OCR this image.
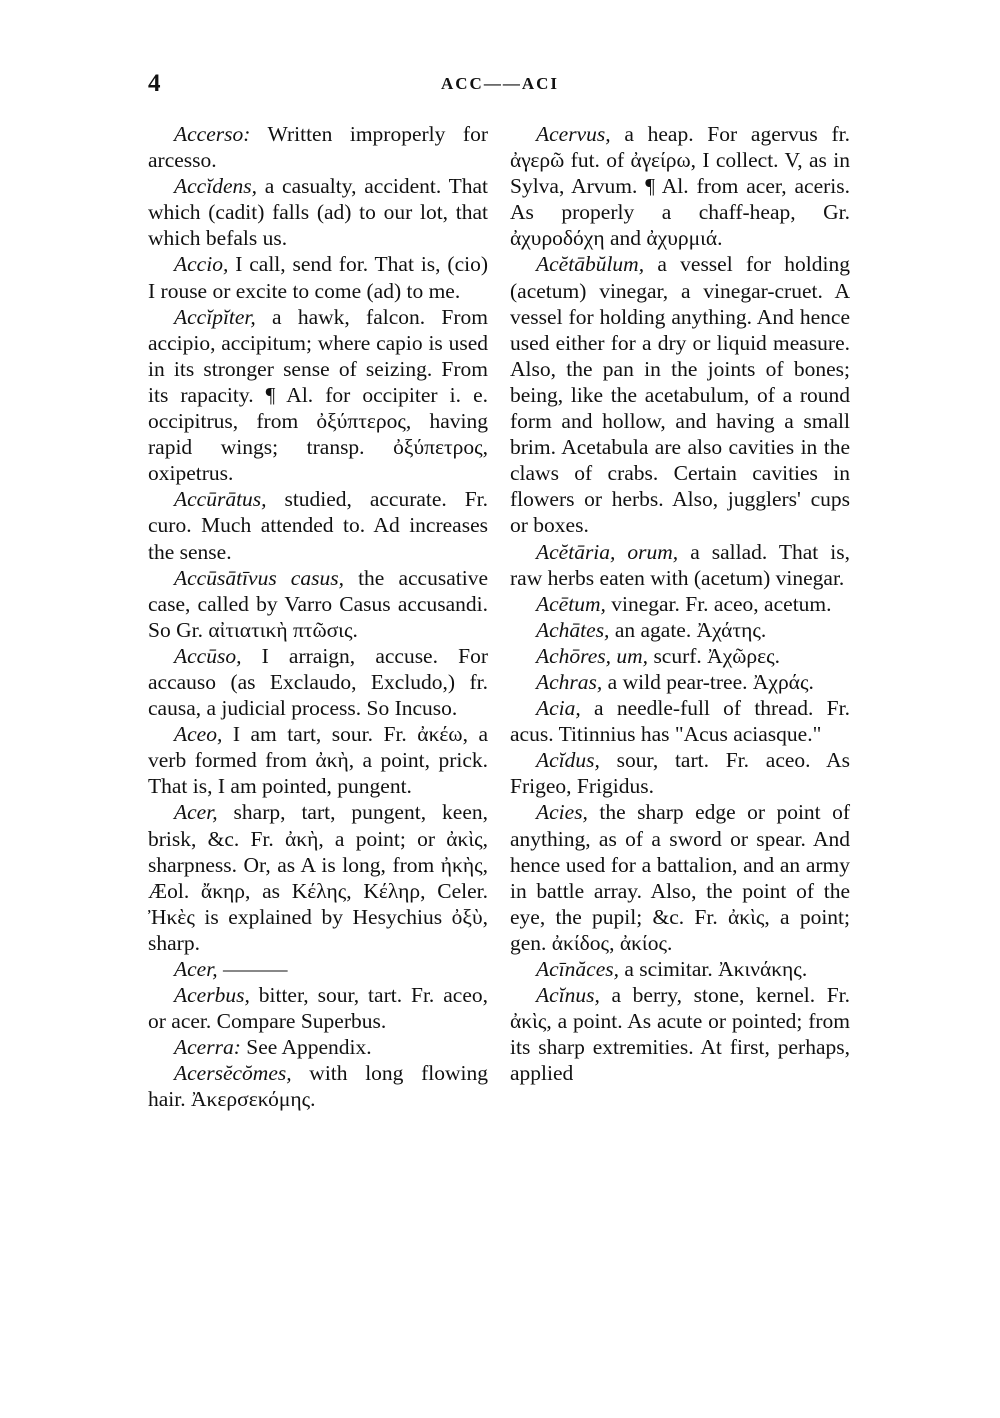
4	ACC——ACI

Accerso: Written improperly for arcesso.

Accĭdens, a casualty, accident. That which (cadit) falls (ad) to our lot, that which befals us.

Accio, I call, send for. That is, (cio) I rouse or excite to come (ad) to me.

Accĭpĭter, a hawk, falcon. From accipio, accipitum; where capio is used in its stronger sense of seizing. From its rapacity. ¶ Al. for occipiter i. e. occipitrus, from ὀξύπτερος, having rapid wings; transp. ὀξύπετρος, oxipetrus.

Accūrātus, studied, accurate. Fr. curo. Much attended to. Ad increases the sense.

Accūsātīvus casus, the accusative case, called by Varro Casus accusandi. So Gr. αἰτιατικὴ πτῶσις.

Accūso, I arraign, accuse. For accauso (as Exclaudo, Excludo,) fr. causa, a judicial process. So Incuso.

Aceo, I am tart, sour. Fr. ἀκέω, a verb formed from ἀκὴ, a point, prick. That is, I am pointed, pungent.

Acer, sharp, tart, pungent, keen, brisk, &c. Fr. ἀκὴ, a point; or ἀκὶς, sharpness. Or, as A is long, from ἠκὴς, Æol. ἄκηρ, as Κέλης, Κέληρ, Celer. Ἠκὲς is explained by Hesychius ὀξὺ, sharp.

Acer, ———

Acerbus, bitter, sour, tart. Fr. aceo, or acer. Compare Superbus.

Acerra: See Appendix.

Acersĕcŏmes, with long flowing hair. Ἀκερσεκόμης.

Acervus, a heap. For agervus fr. ἀγερῶ fut. of ἀγείρω, I collect. V, as in Sylva, Arvum. ¶ Al. from acer, aceris. As properly a chaff-heap, Gr. ἀχυροδόχη and ἀχυρμιά.

Acĕtābŭlum, a vessel for holding (acetum) vinegar, a vinegar-cruet. A vessel for holding anything. And hence used either for a dry or liquid measure. Also, the pan in the joints of bones; being, like the acetabulum, of a round form and hollow, and having a small brim. Acetabula are also cavities in the claws of crabs. Certain cavities in flowers or herbs. Also, jugglers' cups or boxes.

Acĕtāria, orum, a sallad. That is, raw herbs eaten with (acetum) vinegar.

Acētum, vinegar. Fr. aceo, acetum.

Achātes, an agate. Ἀχάτης.

Achōres, um, scurf. Ἀχῶρες.

Achras, a wild pear-tree. Ἀχράς.

Acia, a needle-full of thread. Fr. acus. Titinnius has "Acus aciasque."

Acĭdus, sour, tart. Fr. aceo. As Frigeo, Frigidus.

Acies, the sharp edge or point of anything, as of a sword or spear. And hence used for a battalion, and an army in battle array. Also, the point of the eye, the pupil; &c. Fr. ἀκὶς, a point; gen. ἀκίδος, ἀκίος.

Acīnăces, a scimitar. Ἀκινάκης.

Acĭnus, a berry, stone, kernel. Fr. ἀκὶς, a point. As acute or pointed; from its sharp extremities. At first, perhaps, applied
